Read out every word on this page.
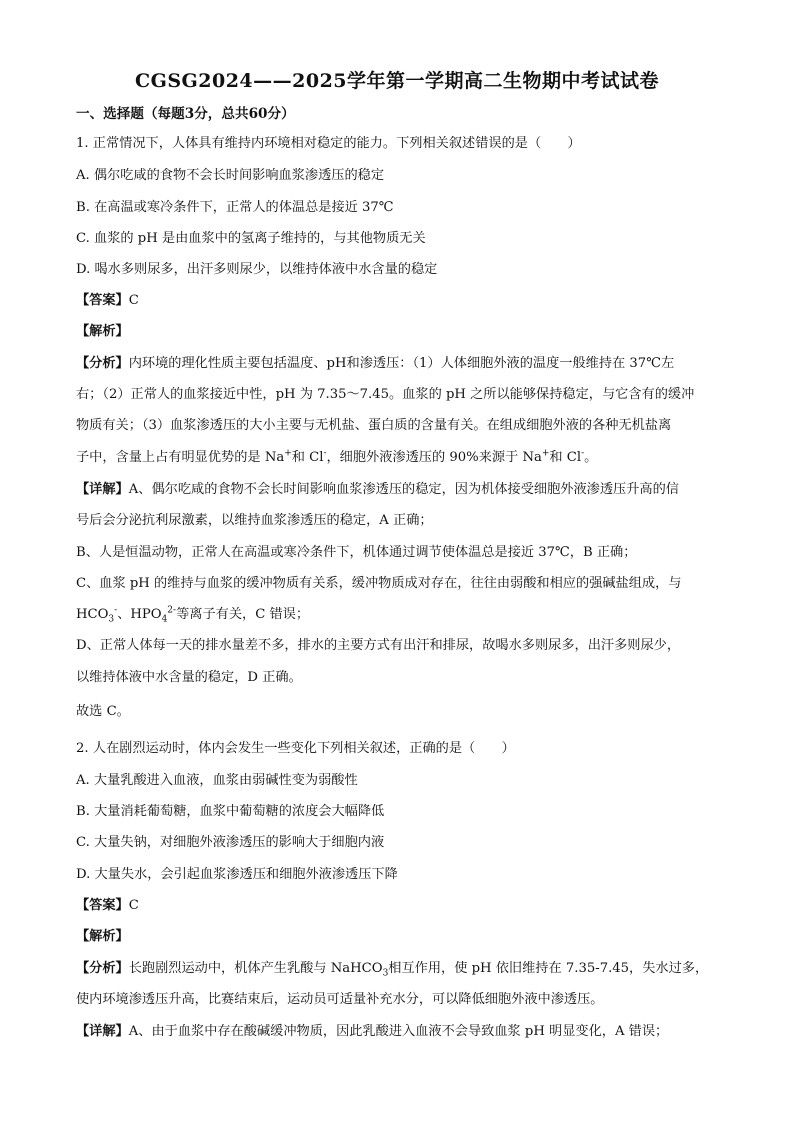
CGSG2024——2025学年第一学期高二生物期中考试试卷
一、选择题（每题3分，总共60分）
1. 正常情况下，人体具有维持内环境相对稳定的能力。下列相关叙述错误的是（　　）
A. 偶尔吃咸的食物不会长时间影响血浆渗透压的稳定
B. 在高温或寒冷条件下，正常人的体温总是接近 37℃
C. 血浆的 pH 是由血浆中的氢离子维持的，与其他物质无关
D. 喝水多则尿多，出汗多则尿少，以维持体液中水含量的稳定
【答案】C
【解析】
【分析】内环境的理化性质主要包括温度、pH和渗透压：（1）人体细胞外液的温度一般维持在 37℃左
右；（2）正常人的血浆接近中性，pH 为 7.35～7.45。血浆的 pH 之所以能够保持稳定，与它含有的缓冲
物质有关；（3）血浆渗透压的大小主要与无机盐、蛋白质的含量有关。在组成细胞外液的各种无机盐离
子中，含量上占有明显优势的是 Na+和 Cl-，细胞外液渗透压的 90%来源于 Na+和 Cl-。
【详解】A、偶尔吃咸的食物不会长时间影响血浆渗透压的稳定，因为机体接受细胞外液渗透压升高的信
号后会分泌抗利尿激素，以维持血浆渗透压的稳定，A 正确；
B、人是恒温动物，正常人在高温或寒冷条件下，机体通过调节使体温总是接近 37℃，B 正确；
C、血浆 pH 的维持与血浆的缓冲物质有关系，缓冲物质成对存在，往往由弱酸和相应的强碱盐组成，与
$HCO_3^-$、$HPO_4^{2-}$等离子有关，C 错误；
D、正常人体每一天的排水量差不多，排水的主要方式有出汗和排尿，故喝水多则尿多，出汗多则尿少，
以维持体液中水含量的稳定，D 正确。
故选 C。
2. 人在剧烈运动时，体内会发生一些变化下列相关叙述，正确的是（　　）
A. 大量乳酸进入血液，血浆由弱碱性变为弱酸性
B. 大量消耗葡萄糖，血浆中葡萄糖的浓度会大幅降低
C. 大量失钠，对细胞外液渗透压的影响大于细胞内液
D. 大量失水，会引起血浆渗透压和细胞外液渗透压下降
【答案】C
【解析】
【分析】长跑剧烈运动中，机体产生乳酸与 NaHCO$_3$相互作用，使 pH 依旧维持在 7.35-7.45，失水过多，
使内环境渗透压升高，比赛结束后，运动员可适量补充水分，可以降低细胞外液中渗透压。
【详解】A、由于血浆中存在酸碱缓冲物质，因此乳酸进入血液不会导致血浆 pH 明显变化，A 错误；
